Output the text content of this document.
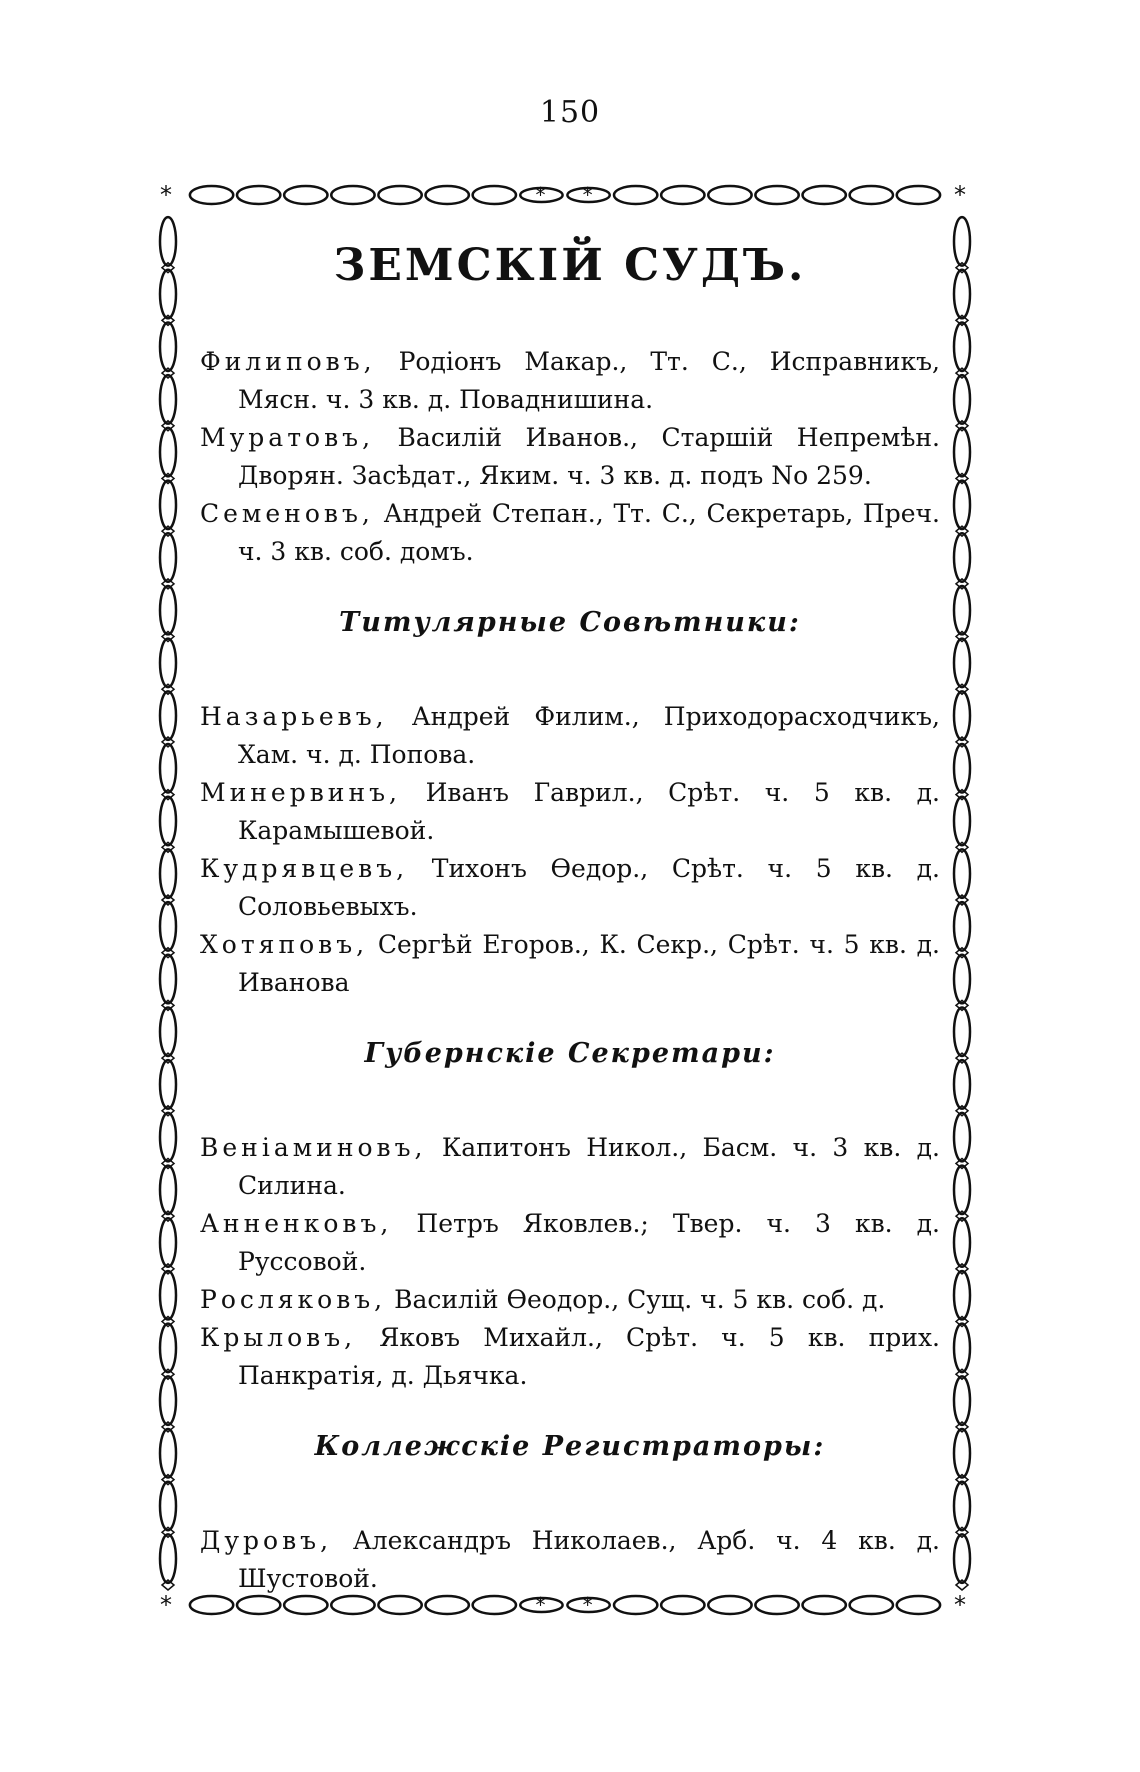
150
* *
* *
*	*
*	*
ЗЕМСКІЙ СУДЪ.

Филиповъ, Родіонъ Макар., Тт. С., Исправникъ, Мясн. ч. 3 кв. д. Поваднишина.

Муратовъ, Василій Иванов., Старшій Непремѣн. Дворян. Засѣдат., Яким. ч. 3 кв. д. подъ No 259.

Семеновъ, Андрей Степан., Тт. С., Секретарь, Преч. ч. 3 кв. соб. домъ.

Титулярные Совѣтники:

Назарьевъ, Андрей Филим., Приходорасходчикъ, Хам. ч. д. Попова.

Минервинъ, Иванъ Гаврил., Срѣт. ч. 5 кв. д. Карамышевой.

Кудрявцевъ, Тихонъ Өедор., Срѣт. ч. 5 кв. д. Соловьевыхъ.

Хотяповъ, Сергѣй Егоров., К. Секр., Срѣт. ч. 5 кв. д. Иванова

Губернскіе Секретари:

Веніаминовъ, Капитонъ Никол., Басм. ч. 3 кв. д. Силина.

Анненковъ, Петръ Яковлев.; Твер. ч. 3 кв. д. Руссовой.

Росляковъ, Василій Өеодор., Сущ. ч. 5 кв. соб. д.

Крыловъ, Яковъ Михайл., Срѣт. ч. 5 кв. прих. Панкратія, д. Дьячка.

Коллежскіе Регистраторы:

Дуровъ, Александръ Николаев., Арб. ч. 4 кв. д. Шустовой.
